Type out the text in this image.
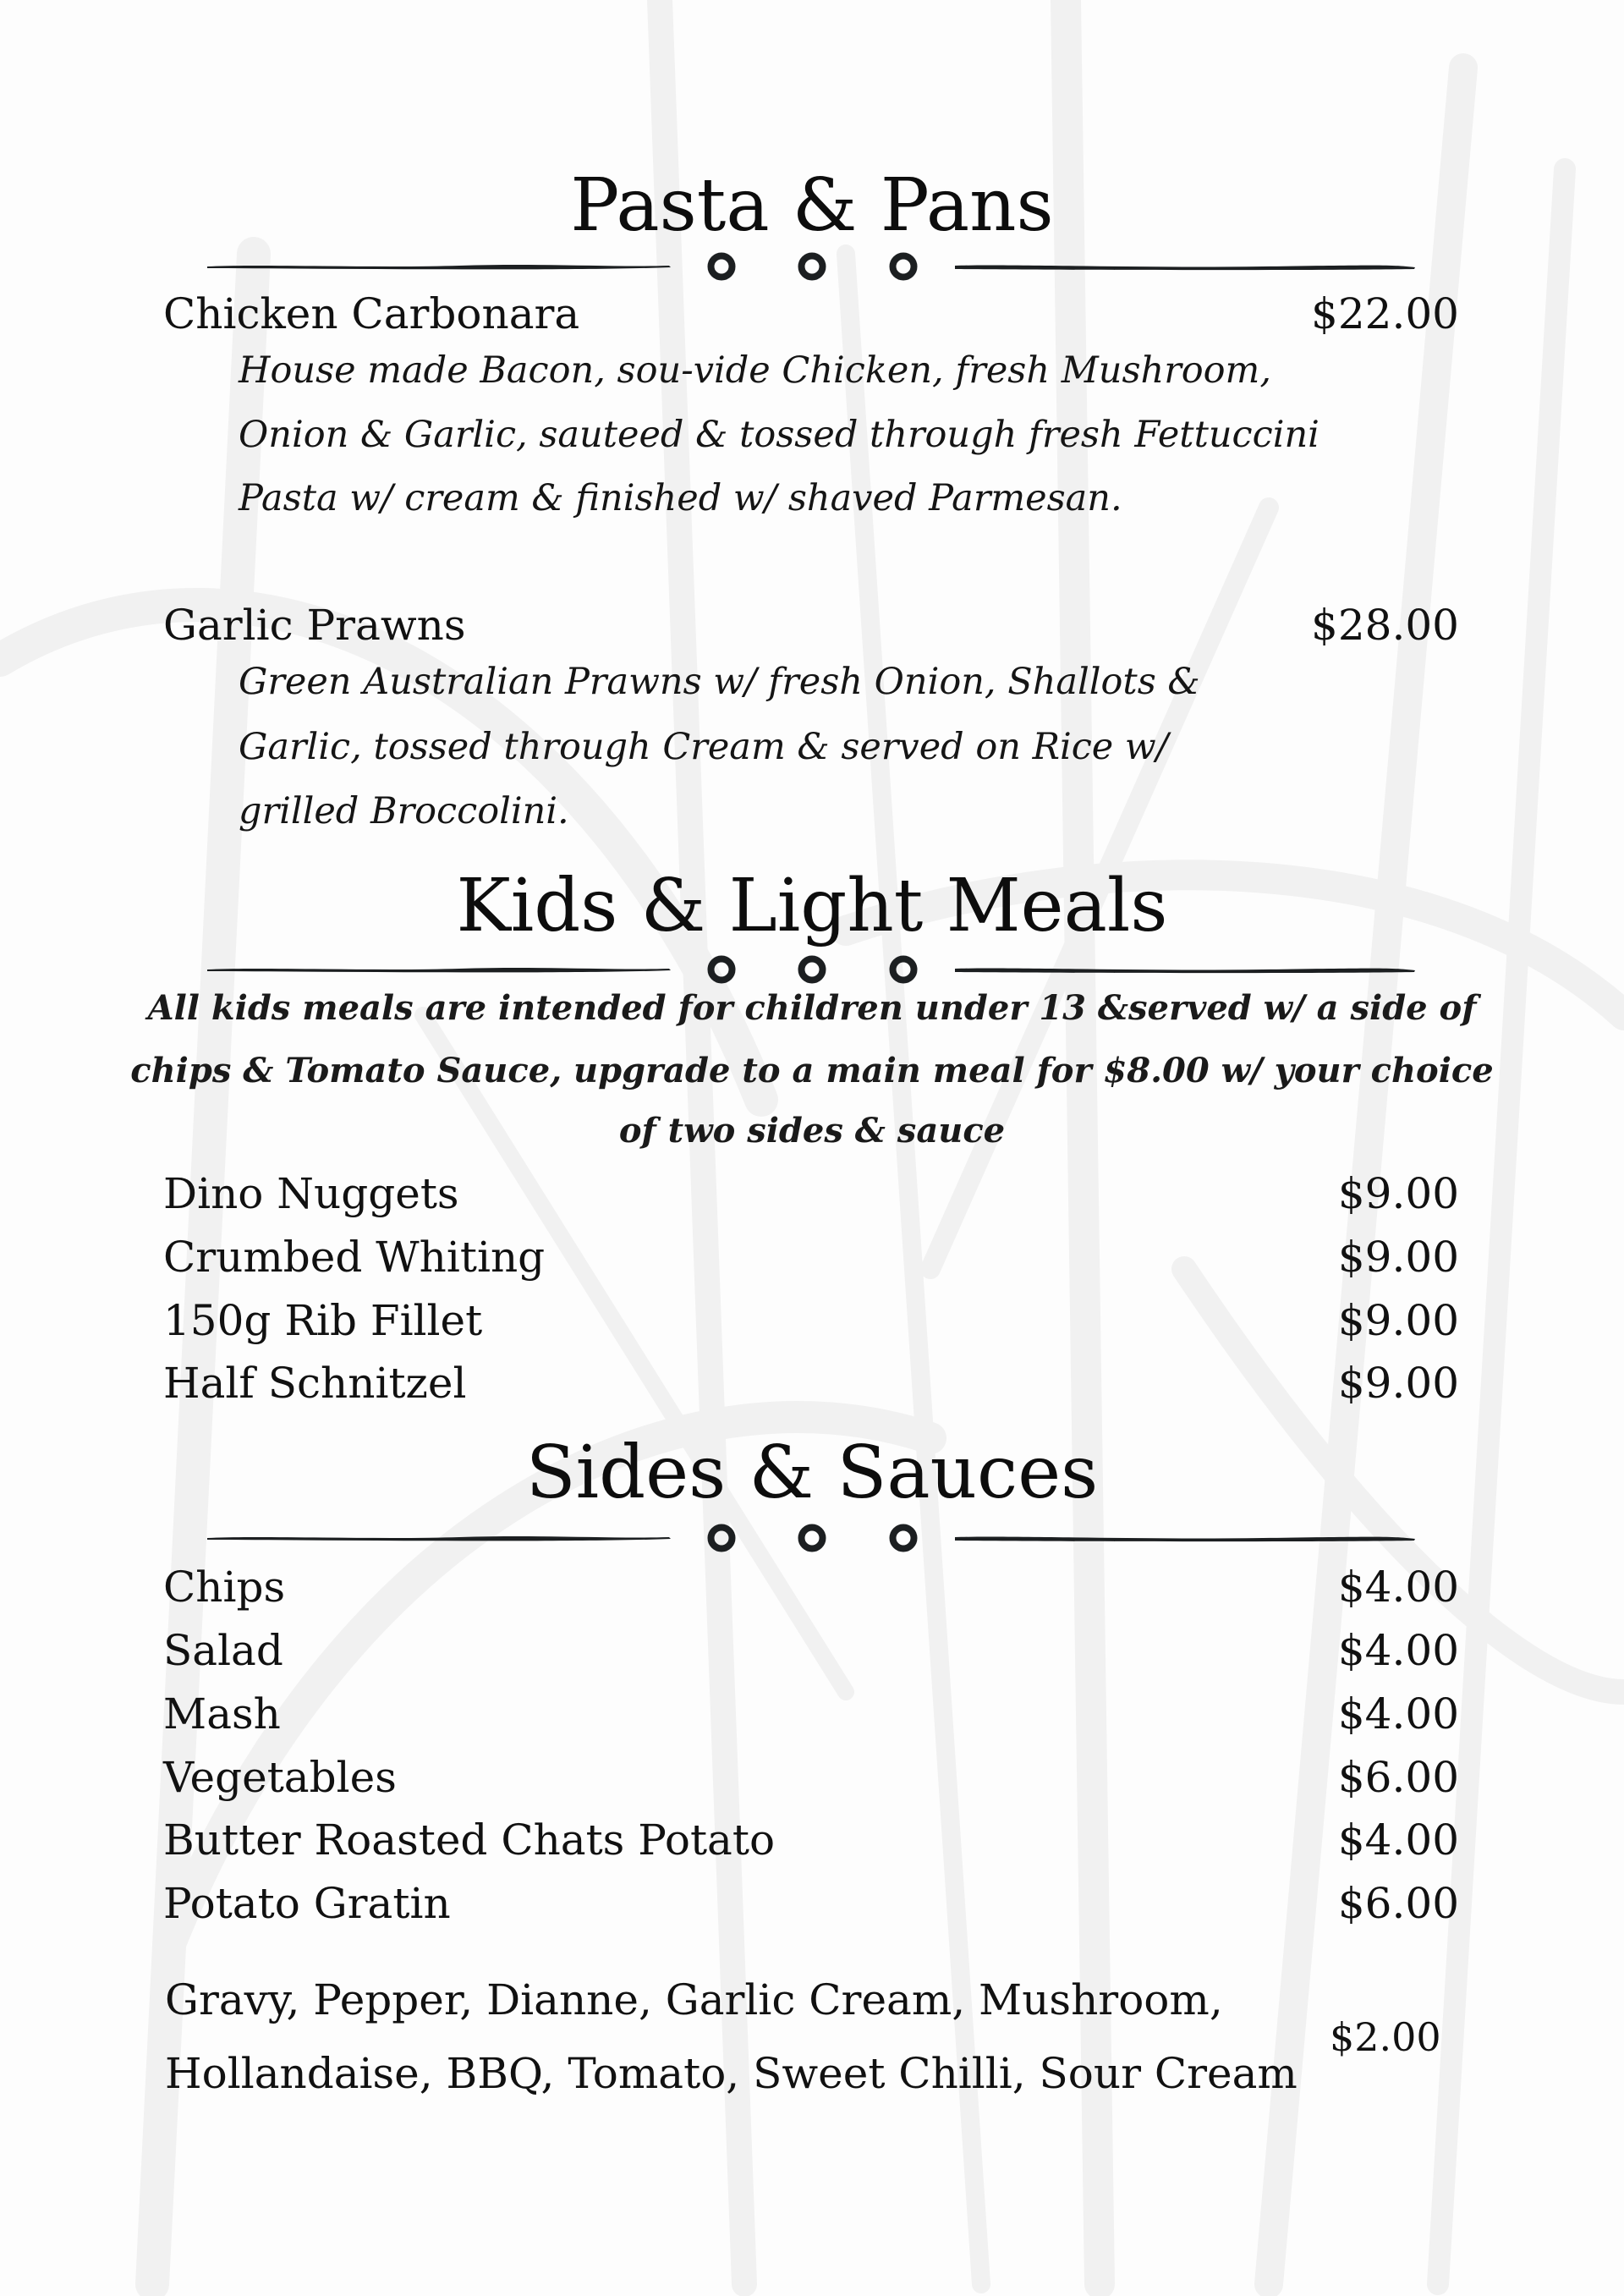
Pasta & Pans
Chicken Carbonara	$22.00
House made Bacon, sou-vide Chicken, fresh Mushroom,
Onion & Garlic, sauteed & tossed through fresh Fettuccini
Pasta w/ cream & finished w/ shaved Parmesan.
Garlic Prawns	$28.00
Green Australian Prawns w/ fresh Onion, Shallots &
Garlic, tossed through Cream & served on Rice w/
grilled Broccolini.
Kids & Light Meals
All kids meals are intended for children under 13 &served w/ a side of
chips & Tomato Sauce, upgrade to a main meal for $8.00 w/ your choice
of two sides & sauce
Dino Nuggets	$9.00
Crumbed Whiting	$9.00
150g Rib Fillet	$9.00
Half Schnitzel	$9.00
Sides & Sauces
Chips	$4.00
Salad	$4.00
Mash	$4.00
Vegetables	$6.00
Butter Roasted Chats Potato	$4.00
Potato Gratin	$6.00
Gravy, Pepper, Dianne, Garlic Cream, Mushroom,
Hollandaise, BBQ, Tomato, Sweet Chilli, Sour Cream
$2.00
